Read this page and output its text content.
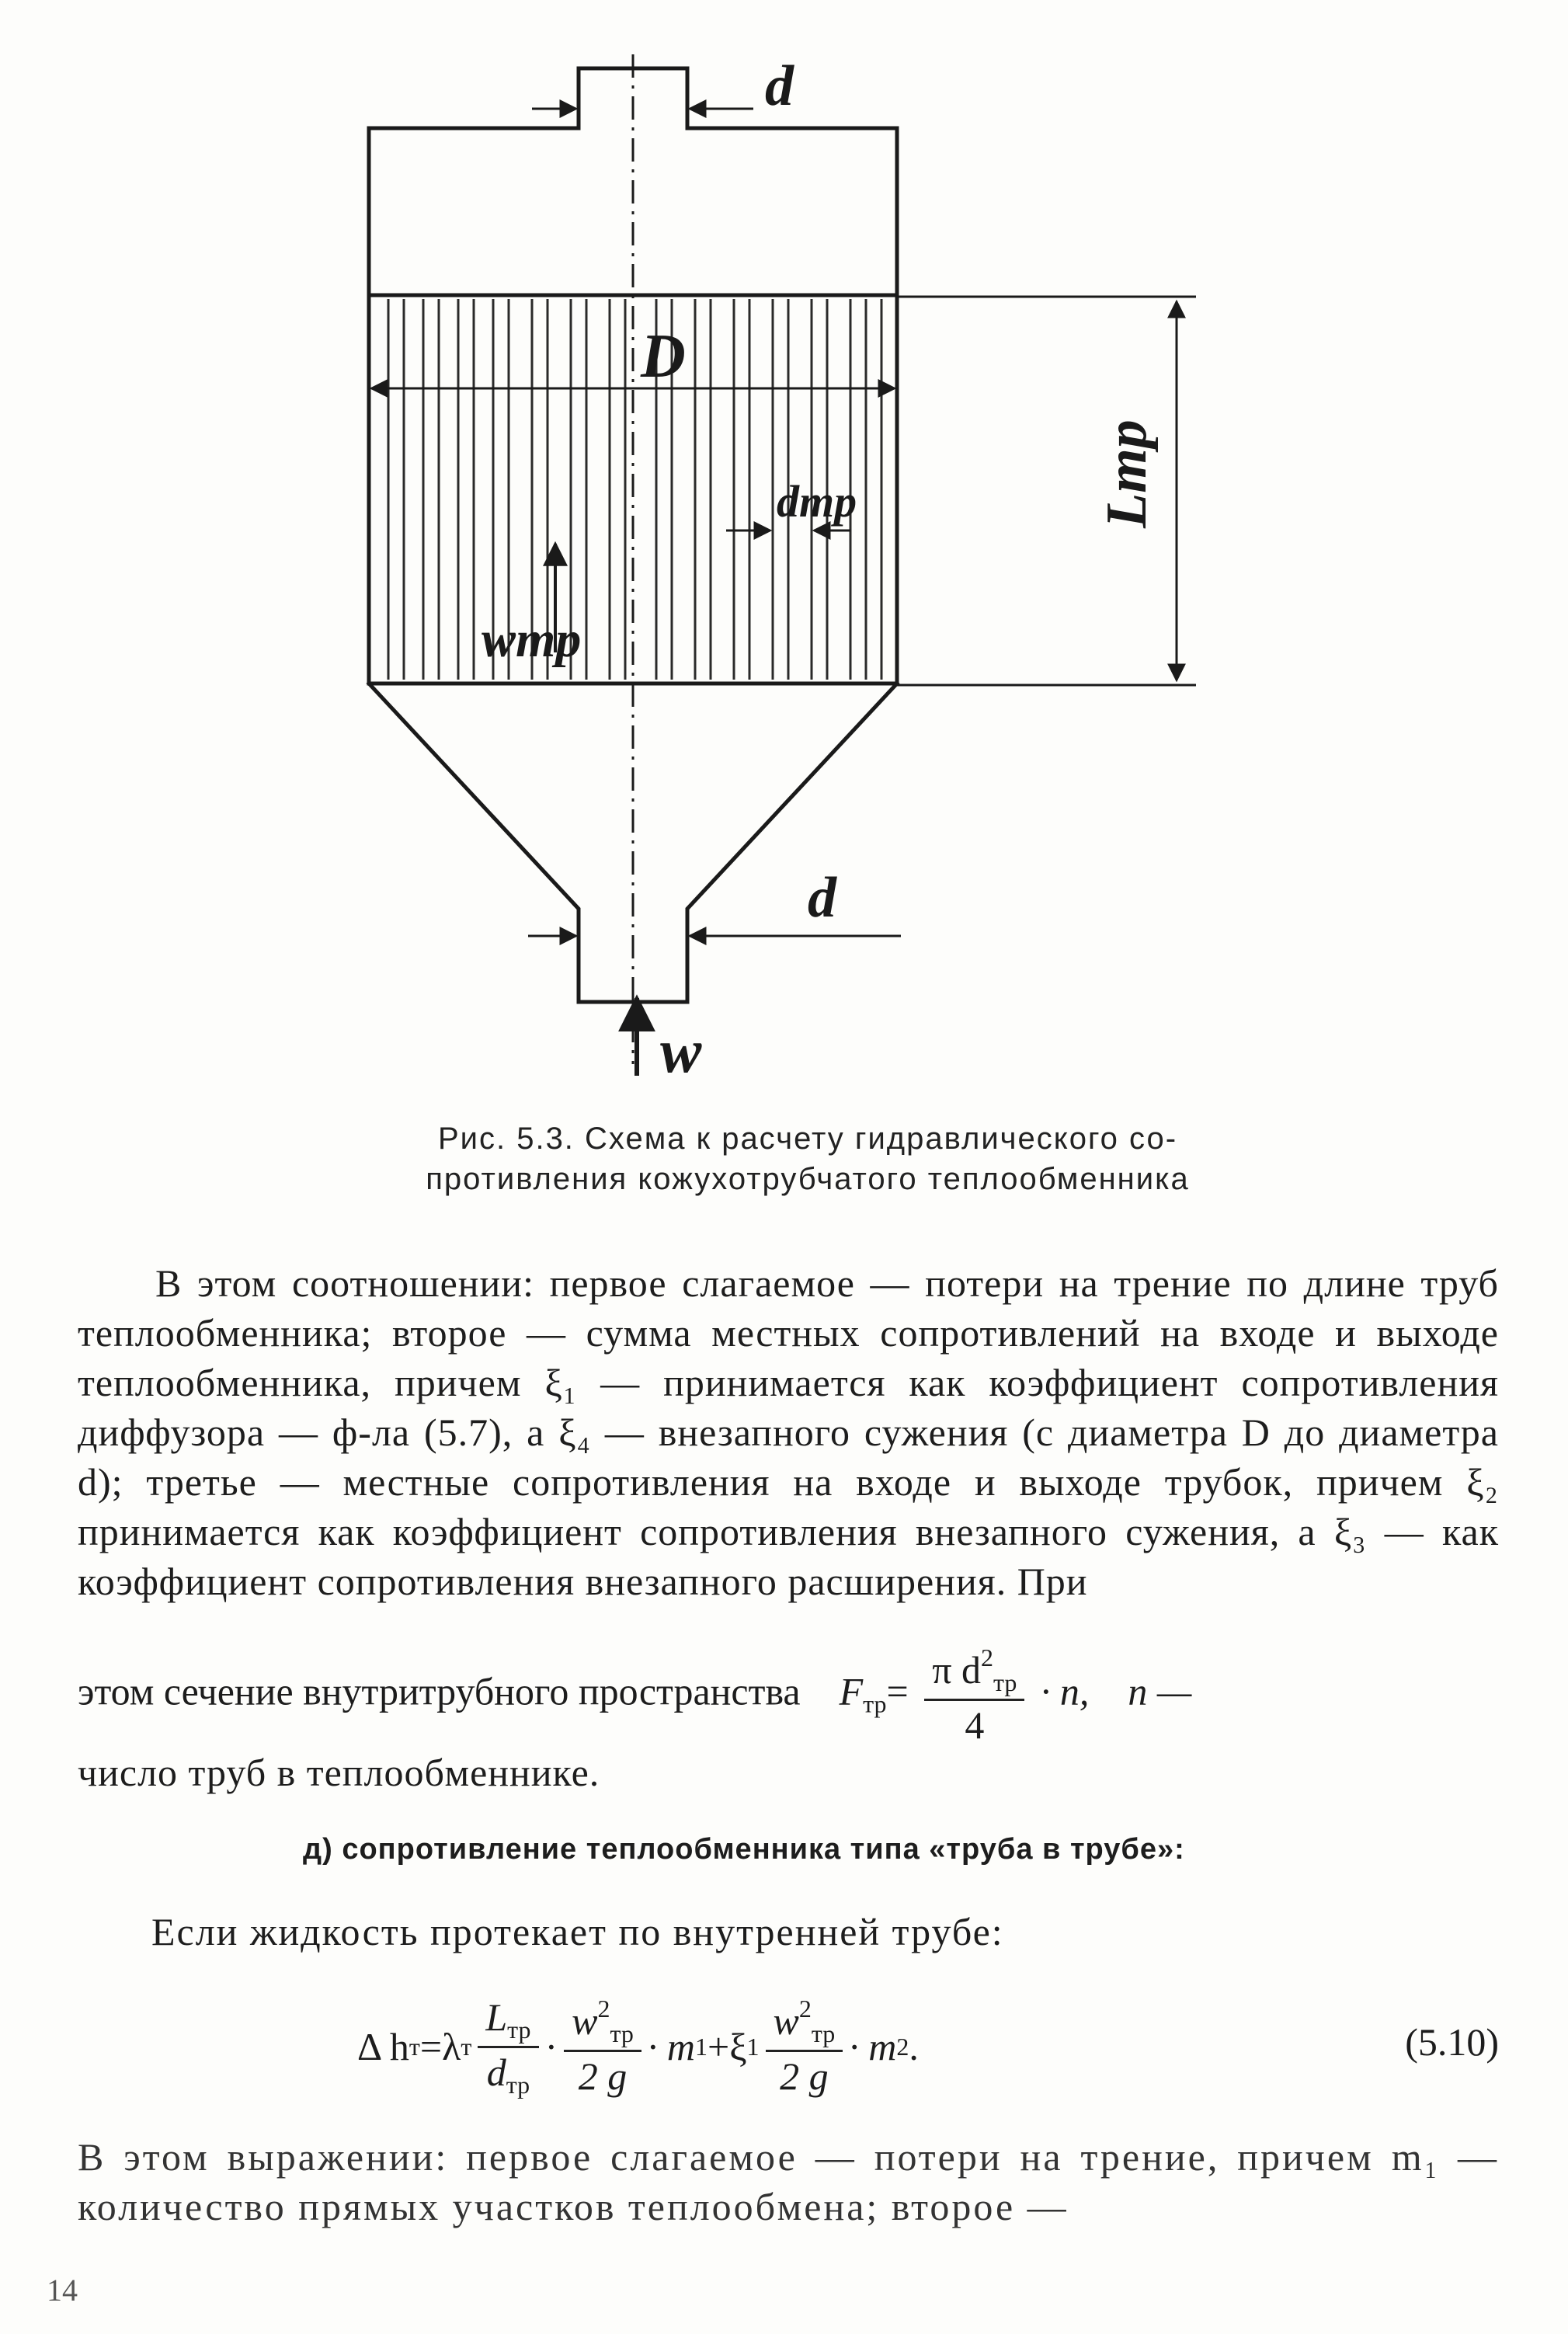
d
D
dтр	Lтр
wтр
d
w
Рис. 5.3. Схема к расчету гидравлического со-
противления кожухотрубчатого теплообменника
В этом соотношении: первое слагаемое — потери на трение по длине труб теплообменника; второе — сумма местных сопротивлений на входе и выходе теплообменника, причем ξ₁ — принимается как коэффициент сопротивления диффузора — ф-ла (5.7), а ξ₄ — внезапного сужения (с диаметра D до диаметра d); третье — местные сопротивления на входе и выходе трубок, причем ξ₂ принимается как коэффициент сопротивления внезапного сужения, а ξ₃ — как коэффициент сопротивления внезапного расширения. При
этом сечение внутритрубного пространства $F_{тр}= \frac{\pi d^2_{тр}}{4} \cdot n$, n —
число труб в теплообменнике.
д) сопротивление теплообменника типа «труба в трубе»:
Если жидкость протекает по внутренней трубе:
Δ h т = λ т $\frac{L_{тр}}{d_{тр}} \cdot \frac{w^2_{тр}}{2 g} \cdot m$ 1 + ξ $1 \frac{w^2_{тр}}{2 g} \cdot m$ 2 .	(5.10)
В этом выражении: первое слагаемое — потери на трение, причем m₁ — количество прямых участков теплообмена; второе —
14
